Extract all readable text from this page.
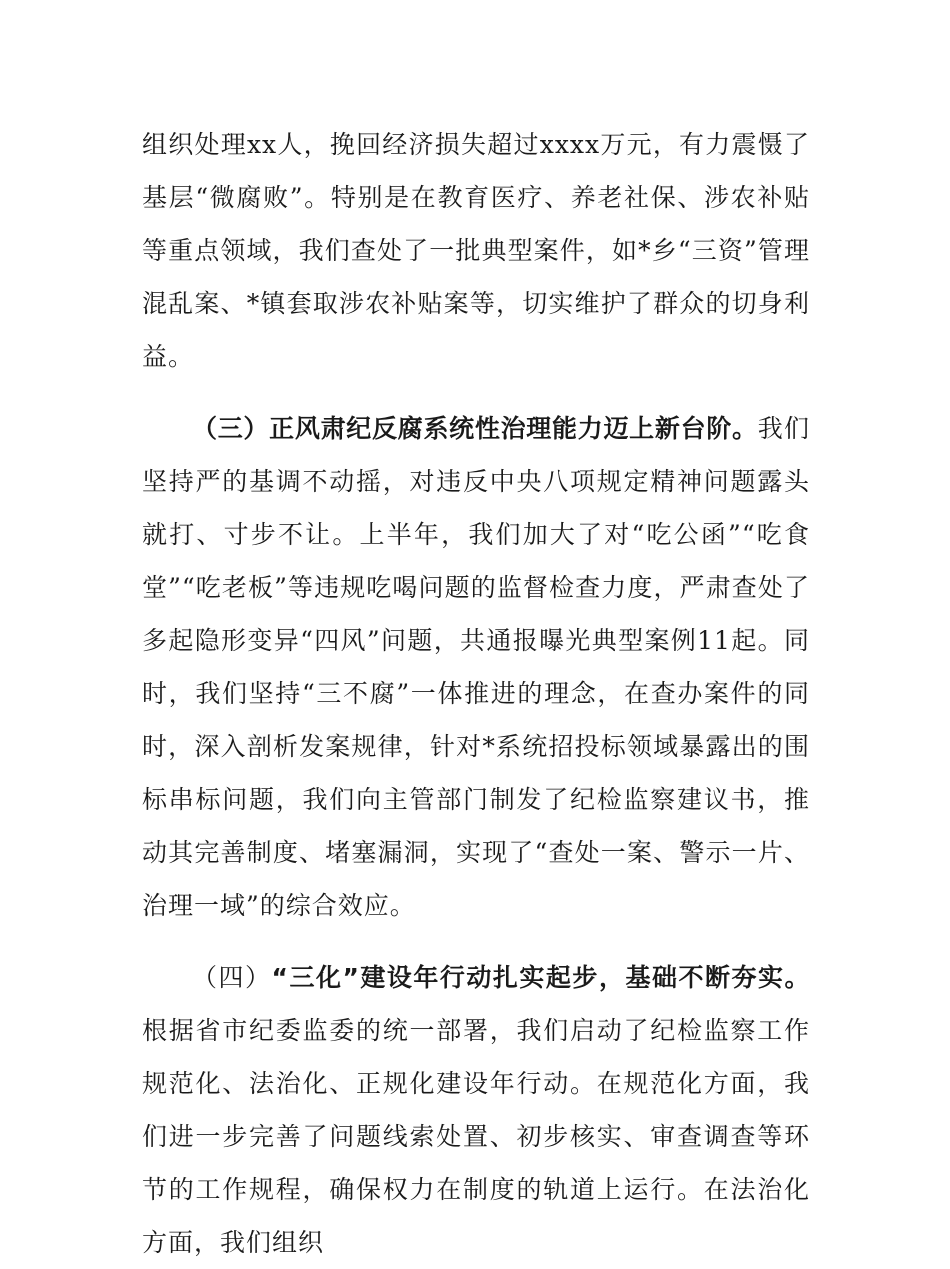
组织处理xx人，挽回经济损失超过xxxx万元，有力震慑了基层“微腐败”。特别是在教育医疗、养老社保、涉农补贴等重点领域，我们查处了一批典型案件，如*乡“三资”管理混乱案、*镇套取涉农补贴案等，切实维护了群众的切身利益。

（三）正风肃纪反腐系统性治理能力迈上新台阶。我们坚持严的基调不动摇，对违反中央八项规定精神问题露头就打、寸步不让。上半年，我们加大了对“吃公函”“吃食堂”“吃老板”等违规吃喝问题的监督检查力度，严肃查处了多起隐形变异“四风”问题，共通报曝光典型案例11起。同时，我们坚持“三不腐”一体推进的理念，在查办案件的同时，深入剖析发案规律，针对*系统招投标领域暴露出的围标串标问题，我们向主管部门制发了纪检监察建议书，推动其完善制度、堵塞漏洞，实现了“查处一案、警示一片、治理一域”的综合效应。

（四）“三化”建设年行动扎实起步，基础不断夯实。根据省市纪委监委的统一部署，我们启动了纪检监察工作规范化、法治化、正规化建设年行动。在规范化方面，我们进一步完善了问题线索处置、初步核实、审查调查等环节的工作规程，确保权力在制度的轨道上运行。在法治化方面，我们组织
